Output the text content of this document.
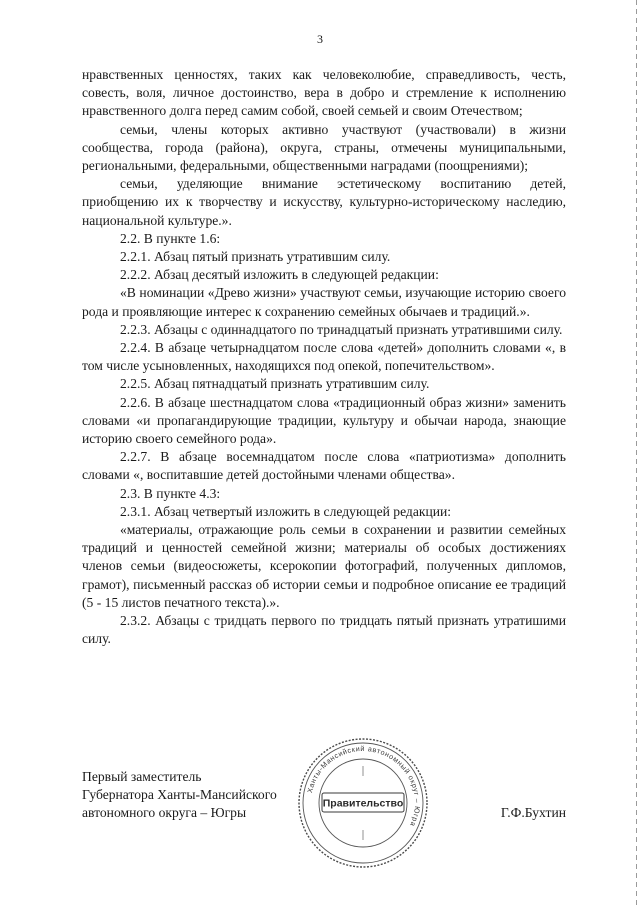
3

нравственных ценностях, таких как человеколюбие, справедливость, честь, совесть, воля, личное достоинство, вера в добро и стремление к исполнению нравственного долга перед самим собой, своей семьей и своим Отечеством;

семьи, члены которых активно участвуют (участвовали) в жизни сообщества, города (района), округа, страны, отмечены муниципальными, региональными, федеральными, общественными наградами (поощрениями);

семьи, уделяющие внимание эстетическому воспитанию детей, приобщению их к творчеству и искусству, культурно-историческому наследию, национальной культуре.».

2.2. В пункте 1.6:

2.2.1. Абзац пятый признать утратившим силу.

2.2.2. Абзац десятый изложить в следующей редакции:

«В номинации «Древо жизни» участвуют семьи, изучающие историю своего рода и проявляющие интерес к сохранению семейных обычаев и традиций.».

2.2.3. Абзацы с одиннадцатого по тринадцатый признать утратившими силу.

2.2.4. В абзаце четырнадцатом после слова «детей» дополнить словами «, в том числе усыновленных, находящихся под опекой, попечительством».

2.2.5. Абзац пятнадцатый признать утратившим силу.

2.2.6. В абзаце шестнадцатом слова «традиционный образ жизни» заменить словами «и пропагандирующие традиции, культуру и обычаи народа, знающие историю своего семейного рода».

2.2.7. В абзаце восемнадцатом после слова «патриотизма» дополнить словами «, воспитавшие детей достойными членами общества».

2.3. В пункте 4.3:

2.3.1. Абзац четвертый изложить в следующей редакции:

«материалы, отражающие роль семьи в сохранении и развитии семейных традиций и ценностей семейной жизни; материалы об особых достижениях членов семьи (видеосюжеты, ксерокопии фотографий, полученных дипломов, грамот), письменный рассказ об истории семьи и подробное описание ее традиций (5 - 15 листов печатного текста).».

2.3.2. Абзацы с тридцать первого по тридцать пятый признать утратишими силу.

Первый заместитель
Губернатора Ханты-Мансийского
автономного округа – Югры	Г.Ф.Бухтин
Ханты-Мансийский автономный округ – Югра
Правительство
